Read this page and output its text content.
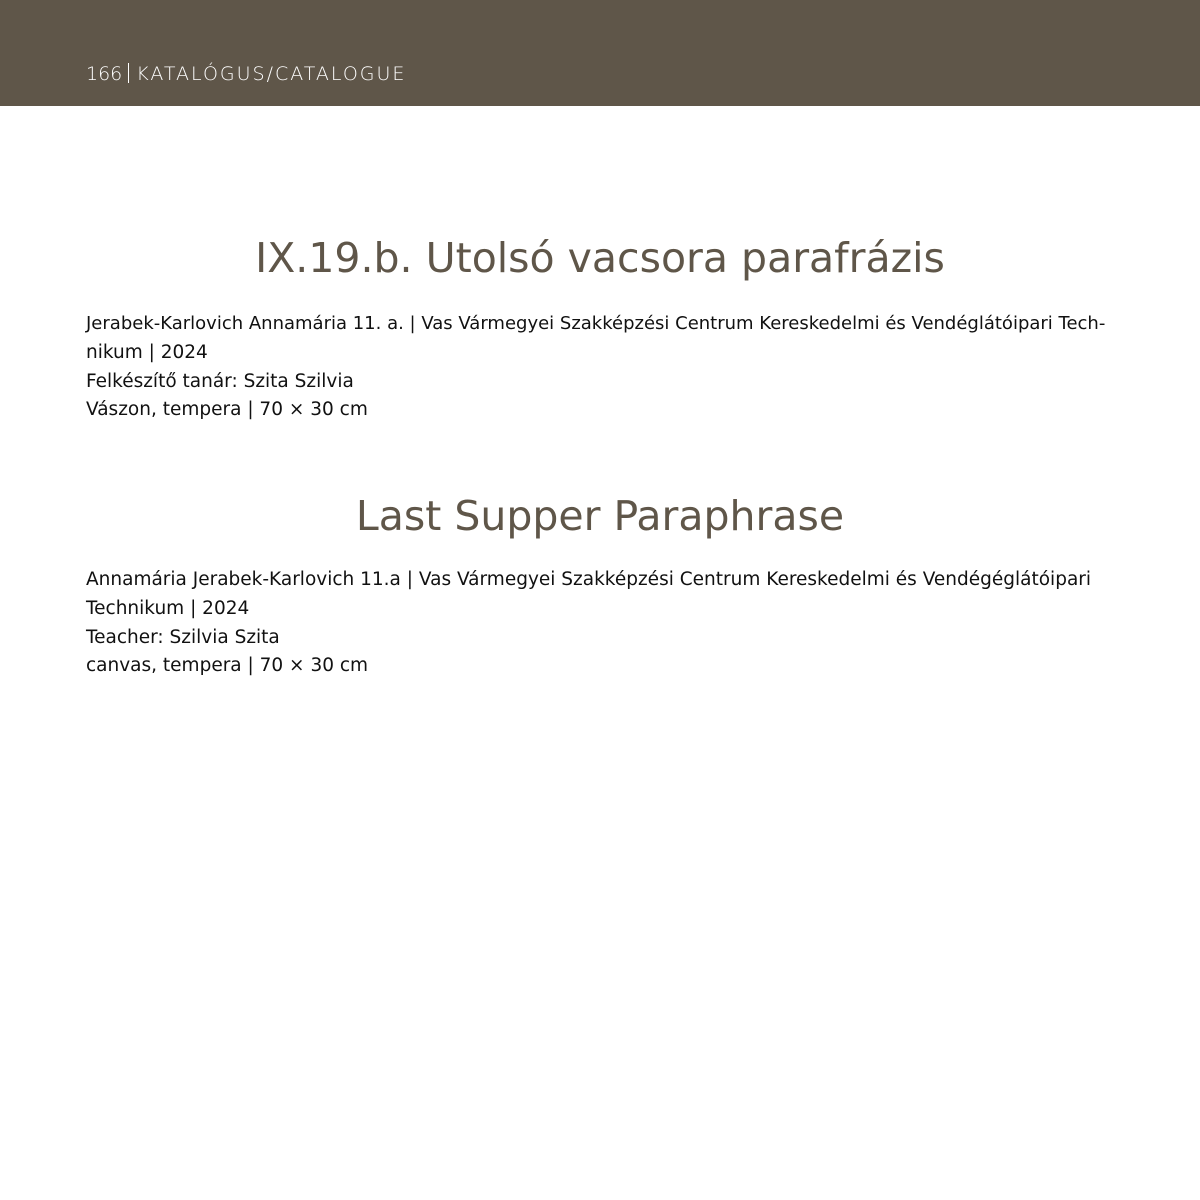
166 KATALÓGUS/CATALOGUE
IX.19.b. Utolsó vacsora parafrázis
Jerabek-Karlovich Annamária 11. a. | Vas Vármegyei Szakképzési Centrum Kereskedelmi és Vendéglátóipari Tech-
nikum | 2024
Felkészítő tanár: Szita Szilvia
Vászon, tempera | 70 × 30 cm
Last Supper Paraphrase
Annamária Jerabek-Karlovich 11.a | Vas Vármegyei Szakképzési Centrum Kereskedelmi és Vendégéglátóipari
Technikum | 2024
Teacher: Szilvia Szita
canvas, tempera | 70 × 30 cm
